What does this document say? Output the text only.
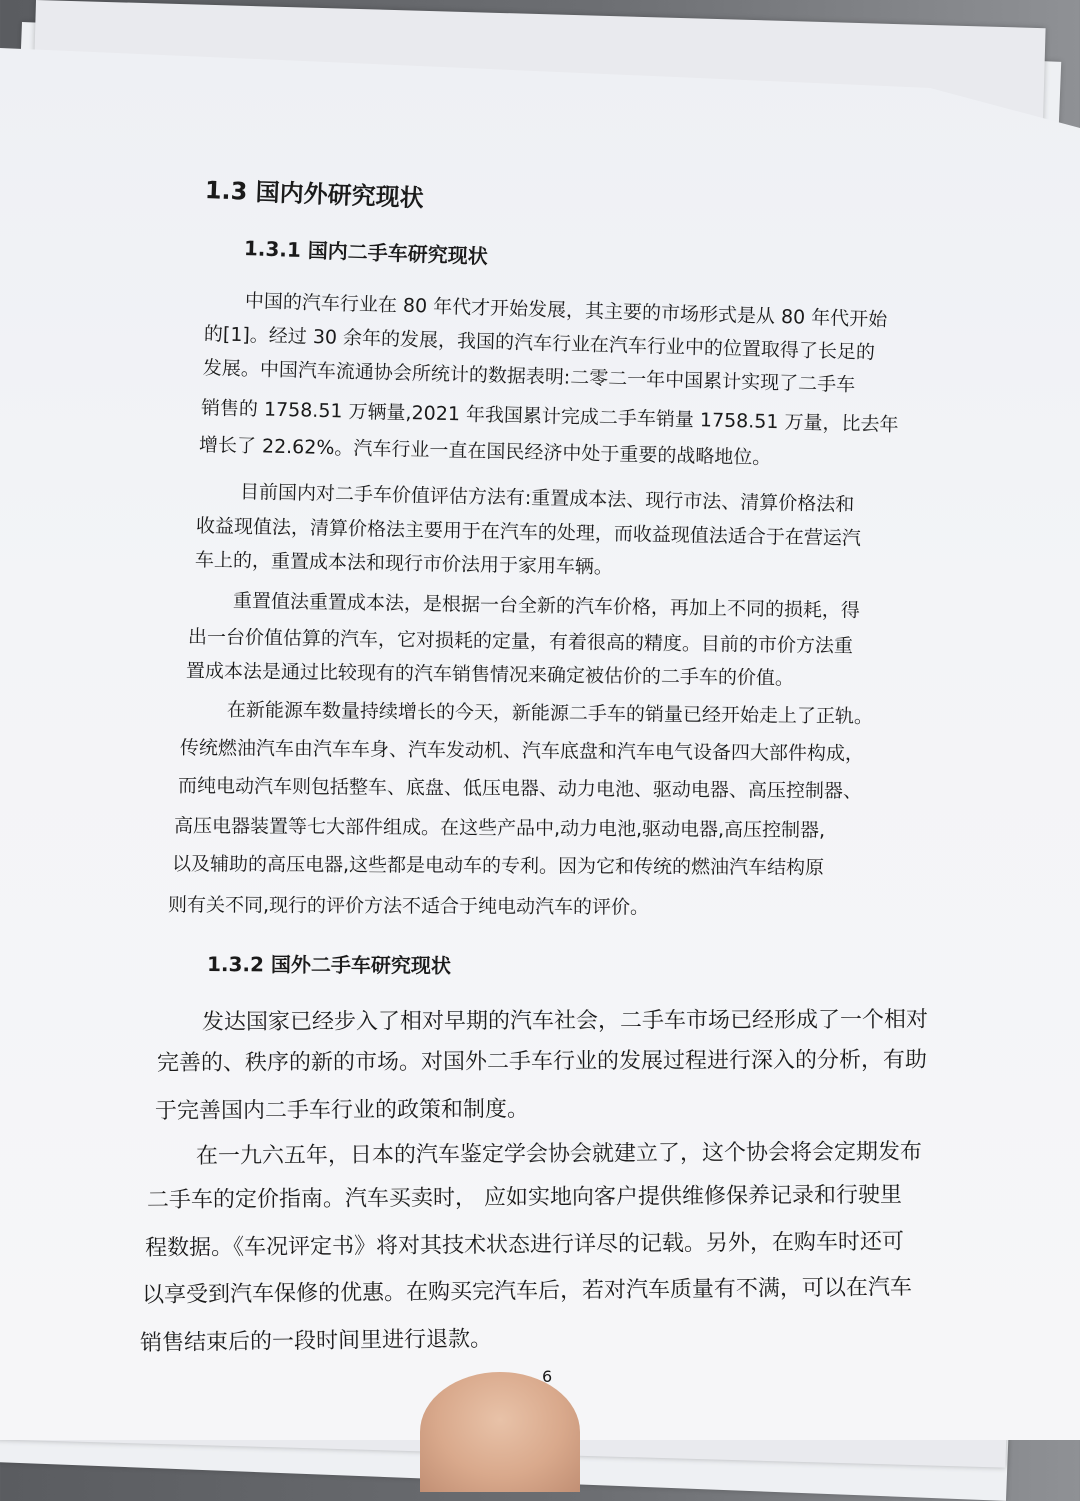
1.3 国内外研究现状
1.3.1 国内二手车研究现状
中国的汽车行业在 80 年代才开始发展，其主要的市场形式是从 80 年代开始
的[1]。经过 30 余年的发展，我国的汽车行业在汽车行业中的位置取得了长足的
发展。中国汽车流通协会所统计的数据表明:二零二一年中国累计实现了二手车
销售的 1758.51 万辆量,2021 年我国累计完成二手车销量 1758.51 万量，比去年
增长了 22.62%。汽车行业一直在国民经济中处于重要的战略地位。
目前国内对二手车价值评估方法有:重置成本法、现行市法、清算价格法和
收益现值法，清算价格法主要用于在汽车的处理，而收益现值法适合于在营运汽
车上的，重置成本法和现行市价法用于家用车辆。
重置值法重置成本法，是根据一台全新的汽车价格，再加上不同的损耗，得
出一台价值估算的汽车，它对损耗的定量，有着很高的精度。目前的市价方法重
置成本法是通过比较现有的汽车销售情况来确定被估价的二手车的价值。
在新能源车数量持续增长的今天，新能源二手车的销量已经开始走上了正轨。
传统燃油汽车由汽车车身、汽车发动机、汽车底盘和汽车电气设备四大部件构成，
而纯电动汽车则包括整车、底盘、低压电器、动力电池、驱动电器、高压控制器、
高压电器装置等七大部件组成。在这些产品中,动力电池,驱动电器,高压控制器,
以及辅助的高压电器,这些都是电动车的专利。因为它和传统的燃油汽车结构原
则有关不同,现行的评价方法不适合于纯电动汽车的评价。
1.3.2 国外二手车研究现状
发达国家已经步入了相对早期的汽车社会，二手车市场已经形成了一个相对
完善的、秩序的新的市场。对国外二手车行业的发展过程进行深入的分析，有助
于完善国内二手车行业的政策和制度。
在一九六五年，日本的汽车鉴定学会协会就建立了，这个协会将会定期发布
二手车的定价指南。汽车买卖时， 应如实地向客户提供维修保养记录和行驶里
程数据。《车况评定书》将对其技术状态进行详尽的记载。另外，在购车时还可
以享受到汽车保修的优惠。在购买完汽车后，若对汽车质量有不满，可以在汽车
销售结束后的一段时间里进行退款。
6
